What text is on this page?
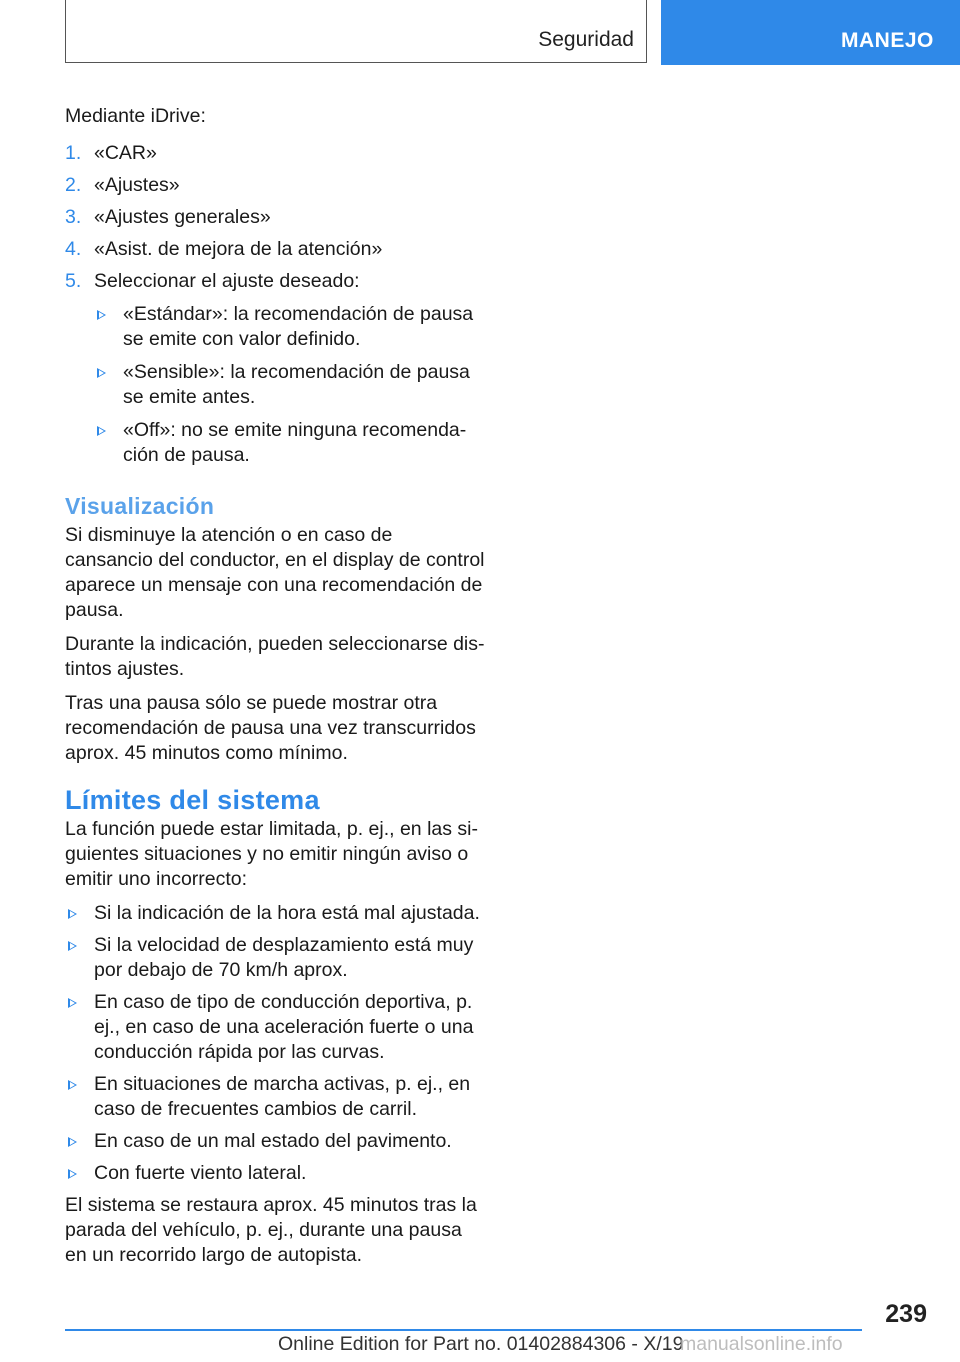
Seguridad	MANEJO

Mediante iDrive:

1. «CAR»
2. «Ajustes»
3. «Ajustes generales»
4. «Asist. de mejora de la atención»
5. Seleccionar el ajuste deseado:
«Estándar»: la recomendación de pausa se emite con valor definido.
«Sensible»: la recomendación de pausa se emite antes.
«Off»: no se emite ninguna recomendación de pausa.
Visualización

Si disminuye la atención o en caso de cansancio del conductor, en el display de control aparece un mensaje con una recomendación de pausa.

Durante la indicación, pueden seleccionarse distintos ajustes.

Tras una pausa sólo se puede mostrar otra recomendación de pausa una vez transcurridos aprox. 45 minutos como mínimo.

Límites del sistema

La función puede estar limitada, p. ej., en las siguientes situaciones y no emitir ningún aviso o emitir uno incorrecto:

Si la indicación de la hora está mal ajustada.
Si la velocidad de desplazamiento está muy por debajo de 70 km/h aprox.
En caso de tipo de conducción deportiva, p. ej., en caso de una aceleración fuerte o una conducción rápida por las curvas.
En situaciones de marcha activas, p. ej., en caso de frecuentes cambios de carril.
En caso de un mal estado del pavimento.
Con fuerte viento lateral.

El sistema se restaura aprox. 45 minutos tras la parada del vehículo, p. ej., durante una pausa en un recorrido largo de autopista.

239
Online Edition for Part no. 01402884306 - X/19
manualsonline.info
